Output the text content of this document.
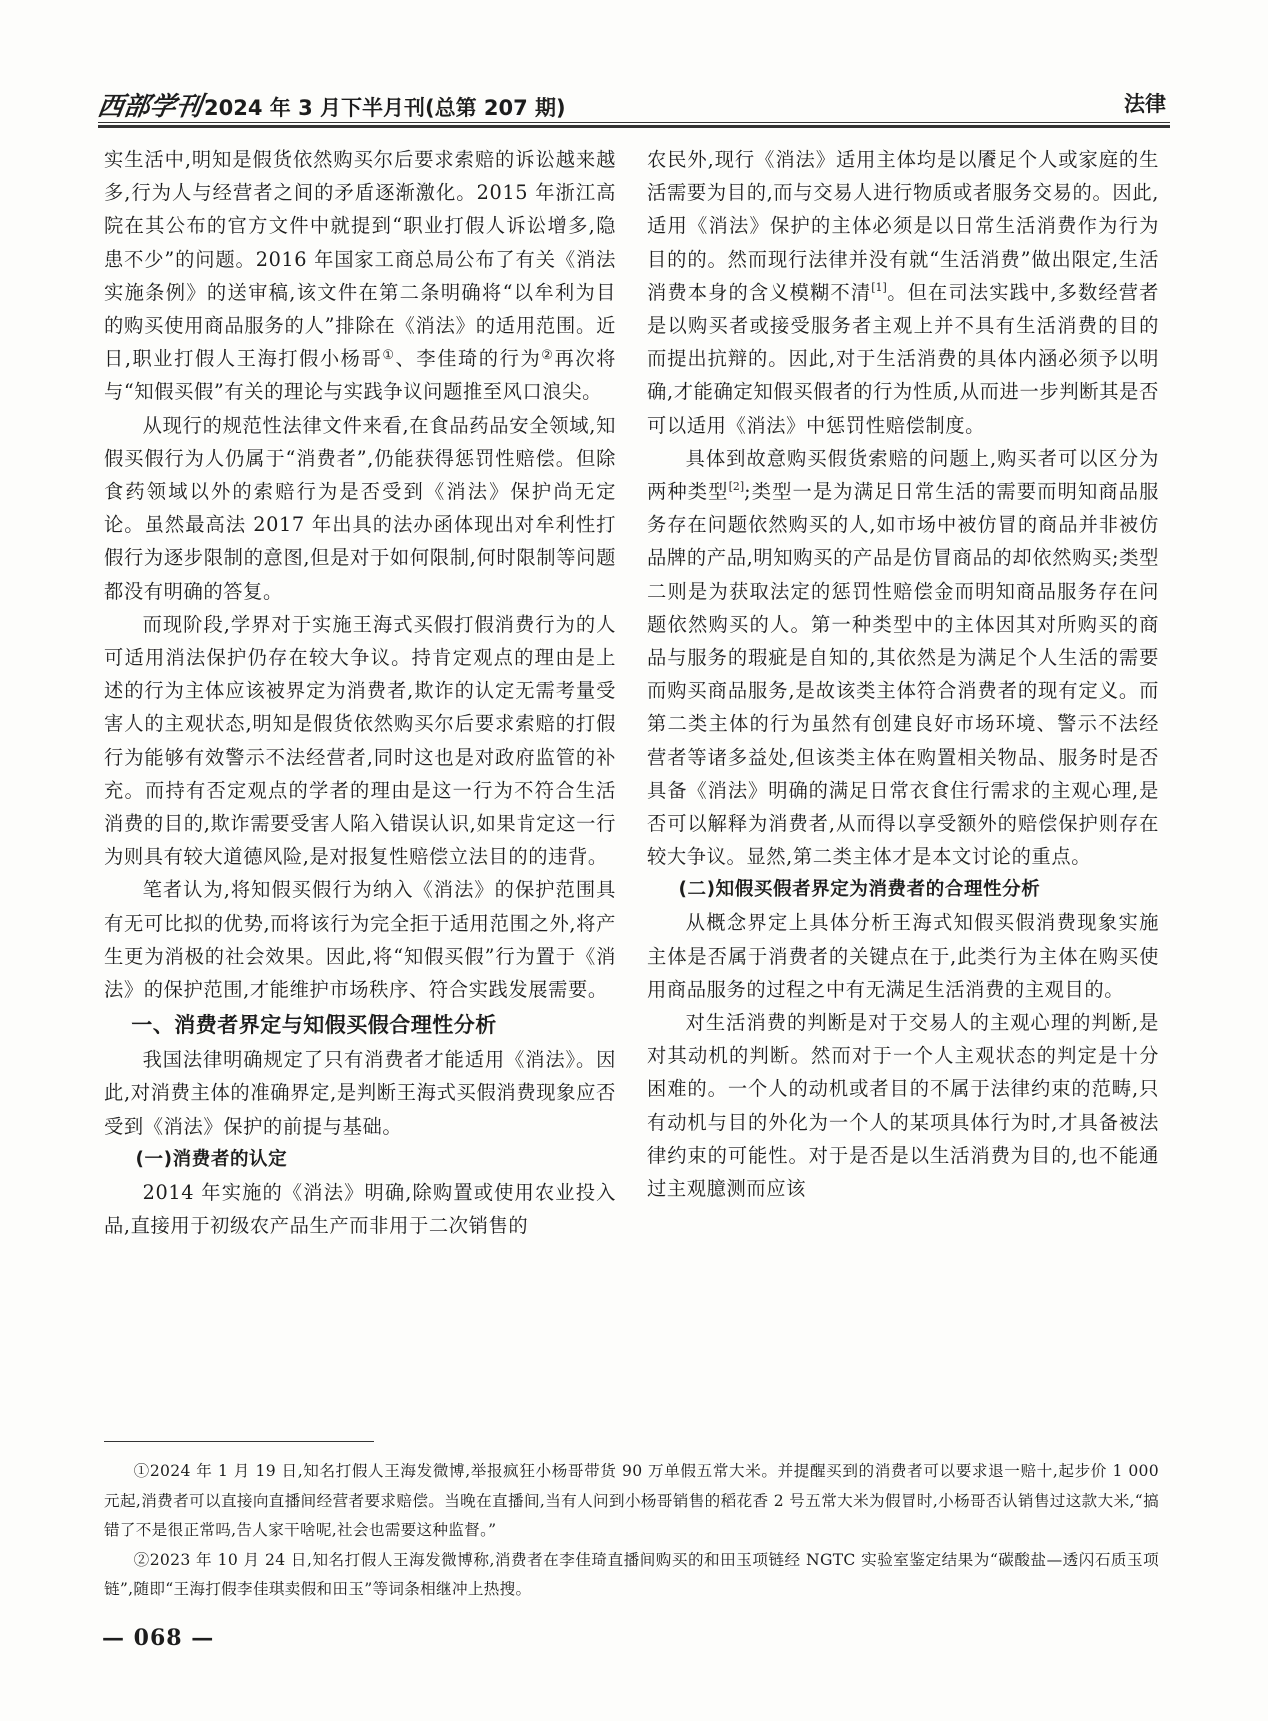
西部学刊2024 年 3 月下半月刊(总第 207 期)	法律

实生活中,明知是假货依然购买尔后要求索赔的诉讼越来越多,行为人与经营者之间的矛盾逐渐激化。2015 年浙江高院在其公布的官方文件中就提到“职业打假人诉讼增多,隐患不少”的问题。2016 年国家工商总局公布了有关《消法实施条例》的送审稿,该文件在第二条明确将“以牟利为目的购买使用商品服务的人”排除在《消法》的适用范围。近日,职业打假人王海打假小杨哥①、李佳琦的行为②再次将与“知假买假”有关的理论与实践争议问题推至风口浪尖。

从现行的规范性法律文件来看,在食品药品安全领域,知假买假行为人仍属于“消费者”,仍能获得惩罚性赔偿。但除食药领域以外的索赔行为是否受到《消法》保护尚无定论。虽然最高法 2017 年出具的法办函体现出对牟利性打假行为逐步限制的意图,但是对于如何限制,何时限制等问题都没有明确的答复。

而现阶段,学界对于实施王海式买假打假消费行为的人可适用消法保护仍存在较大争议。持肯定观点的理由是上述的行为主体应该被界定为消费者,欺诈的认定无需考量受害人的主观状态,明知是假货依然购买尔后要求索赔的打假行为能够有效警示不法经营者,同时这也是对政府监管的补充。而持有否定观点的学者的理由是这一行为不符合生活消费的目的,欺诈需要受害人陷入错误认识,如果肯定这一行为则具有较大道德风险,是对报复性赔偿立法目的的违背。

笔者认为,将知假买假行为纳入《消法》的保护范围具有无可比拟的优势,而将该行为完全拒于适用范围之外,将产生更为消极的社会效果。因此,将“知假买假”行为置于《消法》的保护范围,才能维护市场秩序、符合实践发展需要。

一、消费者界定与知假买假合理性分析

我国法律明确规定了只有消费者才能适用《消法》。因此,对消费主体的准确界定,是判断王海式买假消费现象应否受到《消法》保护的前提与基础。

(一)消费者的认定

2014 年实施的《消法》明确,除购置或使用农业投入品,直接用于初级农产品生产而非用于二次销售的

农民外,现行《消法》适用主体均是以餍足个人或家庭的生活需要为目的,而与交易人进行物质或者服务交易的。因此,适用《消法》保护的主体必须是以日常生活消费作为行为目的的。然而现行法律并没有就“生活消费”做出限定,生活消费本身的含义模糊不清[1]。但在司法实践中,多数经营者是以购买者或接受服务者主观上并不具有生活消费的目的而提出抗辩的。因此,对于生活消费的具体内涵必须予以明确,才能确定知假买假者的行为性质,从而进一步判断其是否可以适用《消法》中惩罚性赔偿制度。

具体到故意购买假货索赔的问题上,购买者可以区分为两种类型[2];类型一是为满足日常生活的需要而明知商品服务存在问题依然购买的人,如市场中被仿冒的商品并非被仿品牌的产品,明知购买的产品是仿冒商品的却依然购买;类型二则是为获取法定的惩罚性赔偿金而明知商品服务存在问题依然购买的人。第一种类型中的主体因其对所购买的商品与服务的瑕疵是自知的,其依然是为满足个人生活的需要而购买商品服务,是故该类主体符合消费者的现有定义。而第二类主体的行为虽然有创建良好市场环境、警示不法经营者等诸多益处,但该类主体在购置相关物品、服务时是否具备《消法》明确的满足日常衣食住行需求的主观心理,是否可以解释为消费者,从而得以享受额外的赔偿保护则存在较大争议。显然,第二类主体才是本文讨论的重点。

(二)知假买假者界定为消费者的合理性分析

从概念界定上具体分析王海式知假买假消费现象实施主体是否属于消费者的关键点在于,此类行为主体在购买使用商品服务的过程之中有无满足生活消费的主观目的。

对生活消费的判断是对于交易人的主观心理的判断,是对其动机的判断。然而对于一个人主观状态的判定是十分困难的。一个人的动机或者目的不属于法律约束的范畴,只有动机与目的外化为一个人的某项具体行为时,才具备被法律约束的可能性。对于是否是以生活消费为目的,也不能通过主观臆测而应该

①2024 年 1 月 19 日,知名打假人王海发微博,举报疯狂小杨哥带货 90 万单假五常大米。并提醒买到的消费者可以要求退一赔十,起步价 1 000 元起,消费者可以直接向直播间经营者要求赔偿。当晚在直播间,当有人问到小杨哥销售的稻花香 2 号五常大米为假冒时,小杨哥否认销售过这款大米,“搞错了不是很正常吗,告人家干啥呢,社会也需要这种监督。”

②2023 年 10 月 24 日,知名打假人王海发微博称,消费者在李佳琦直播间购买的和田玉项链经 NGTC 实验室鉴定结果为“碳酸盐—透闪石质玉项链”,随即“王海打假李佳琪卖假和田玉”等词条相继冲上热搜。

— 068 —
